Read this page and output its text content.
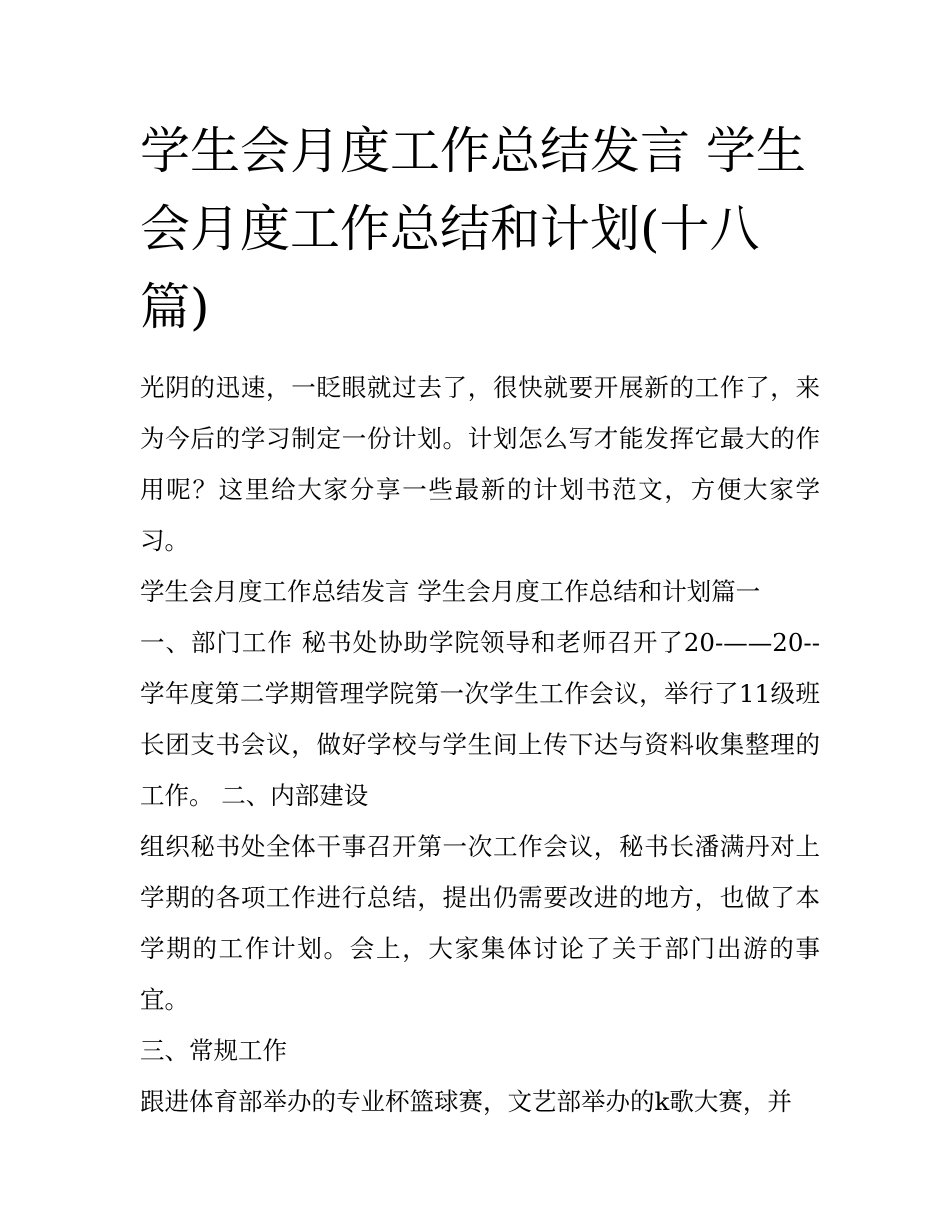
学生会月度工作总结发言 学生会月度工作总结和计划(十八篇)

光阴的迅速，一眨眼就过去了，很快就要开展新的工作了，来为今后的学习制定一份计划。计划怎么写才能发挥它最大的作用呢？这里给大家分享一些最新的计划书范文，方便大家学习。

学生会月度工作总结发言 学生会月度工作总结和计划篇一

一、部门工作 秘书处协助学院领导和老师召开了20-——20--学年度第二学期管理学院第一次学生工作会议，举行了11级班长团支书会议，做好学校与学生间上传下达与资料收集整理的工作。 二、内部建设

组织秘书处全体干事召开第一次工作会议，秘书长潘满丹对上学期的各项工作进行总结，提出仍需要改进的地方，也做了本学期的工作计划。会上，大家集体讨论了关于部门出游的事宜。

三、常规工作

跟进体育部举办的专业杯篮球赛，文艺部举办的k歌大赛，并
